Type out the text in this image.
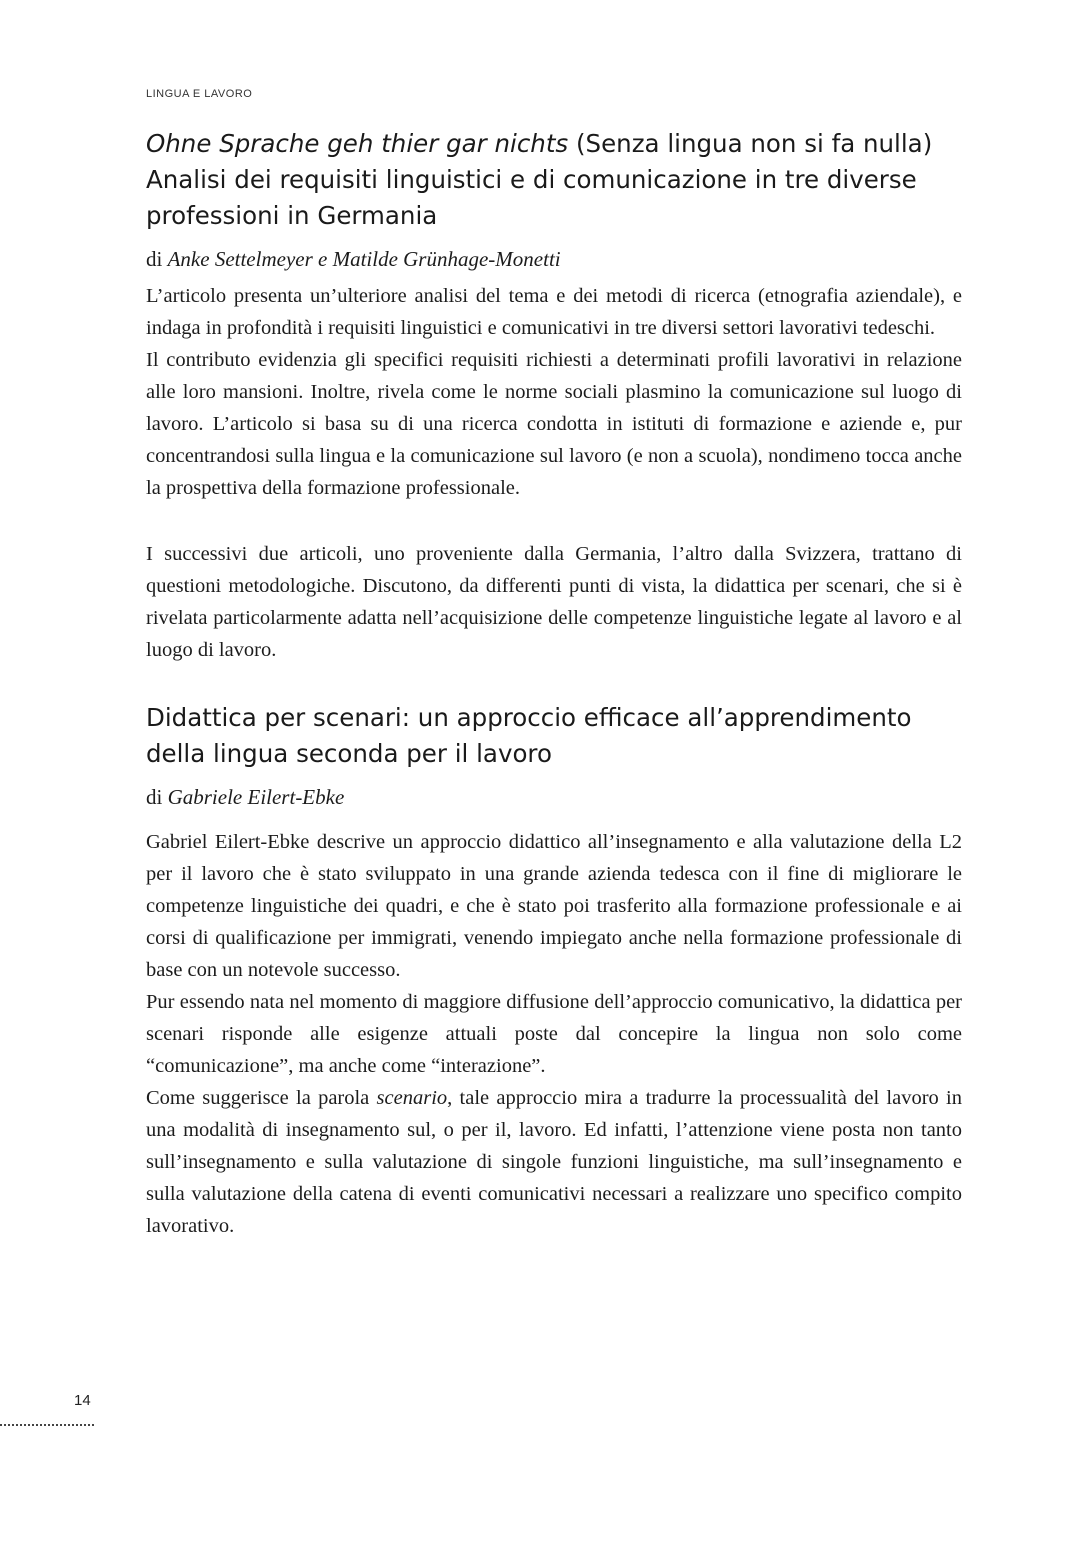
LINGUA E LAVORO
Ohne Sprache geh thier gar nichts (Senza lingua non si fa nulla)
Analisi dei requisiti linguistici e di comunicazione in tre diverse professioni in Germania
di Anke Settelmeyer e Matilde Grünhage-Monetti

L’articolo presenta un’ulteriore analisi del tema e dei metodi di ricerca (etnografia aziendale), e indaga in profondità i requisiti linguistici e comunicativi in tre diversi settori lavorativi tedeschi.

Il contributo evidenzia gli specifici requisiti richiesti a determinati profili lavorativi in relazione alle loro mansioni. Inoltre, rivela come le norme sociali plasmino la comunicazione sul luogo di lavoro. L’articolo si basa su di una ricerca condotta in istituti di formazione e aziende e, pur concentrandosi sulla lingua e la comunicazione sul lavoro (e non a scuola), nondimeno tocca anche la prospettiva della formazione professionale.

I successivi due articoli, uno proveniente dalla Germania, l’altro dalla Svizzera, trattano di questioni metodologiche. Discutono, da differenti punti di vista, la didattica per scenari, che si è rivelata particolarmente adatta nell’acquisizione delle competenze linguistiche legate al lavoro e al luogo di lavoro.

Didattica per scenari: un approccio efficace all’apprendimento della lingua seconda per il lavoro
di Gabriele Eilert-Ebke

Gabriel Eilert-Ebke descrive un approccio didattico all’insegnamento e alla valutazione della L2 per il lavoro che è stato sviluppato in una grande azienda tedesca con il fine di migliorare le competenze linguistiche dei quadri, e che è stato poi trasferito alla formazione professionale e ai corsi di qualificazione per immigrati, venendo impiegato anche nella formazione professionale di base con un notevole successo.

Pur essendo nata nel momento di maggiore diffusione dell’approccio comunicativo, la didattica per scenari risponde alle esigenze attuali poste dal concepire la lingua non solo come “comunicazione”, ma anche come “interazione”.

Come suggerisce la parola scenario, tale approccio mira a tradurre la processualità del lavoro in una modalità di insegnamento sul, o per il, lavoro. Ed infatti, l’attenzione viene posta non tanto sull’insegnamento e sulla valutazione di singole funzioni linguistiche, ma sull’insegnamento e sulla valutazione della catena di eventi comunicativi necessari a realizzare uno specifico compito lavorativo.

14
